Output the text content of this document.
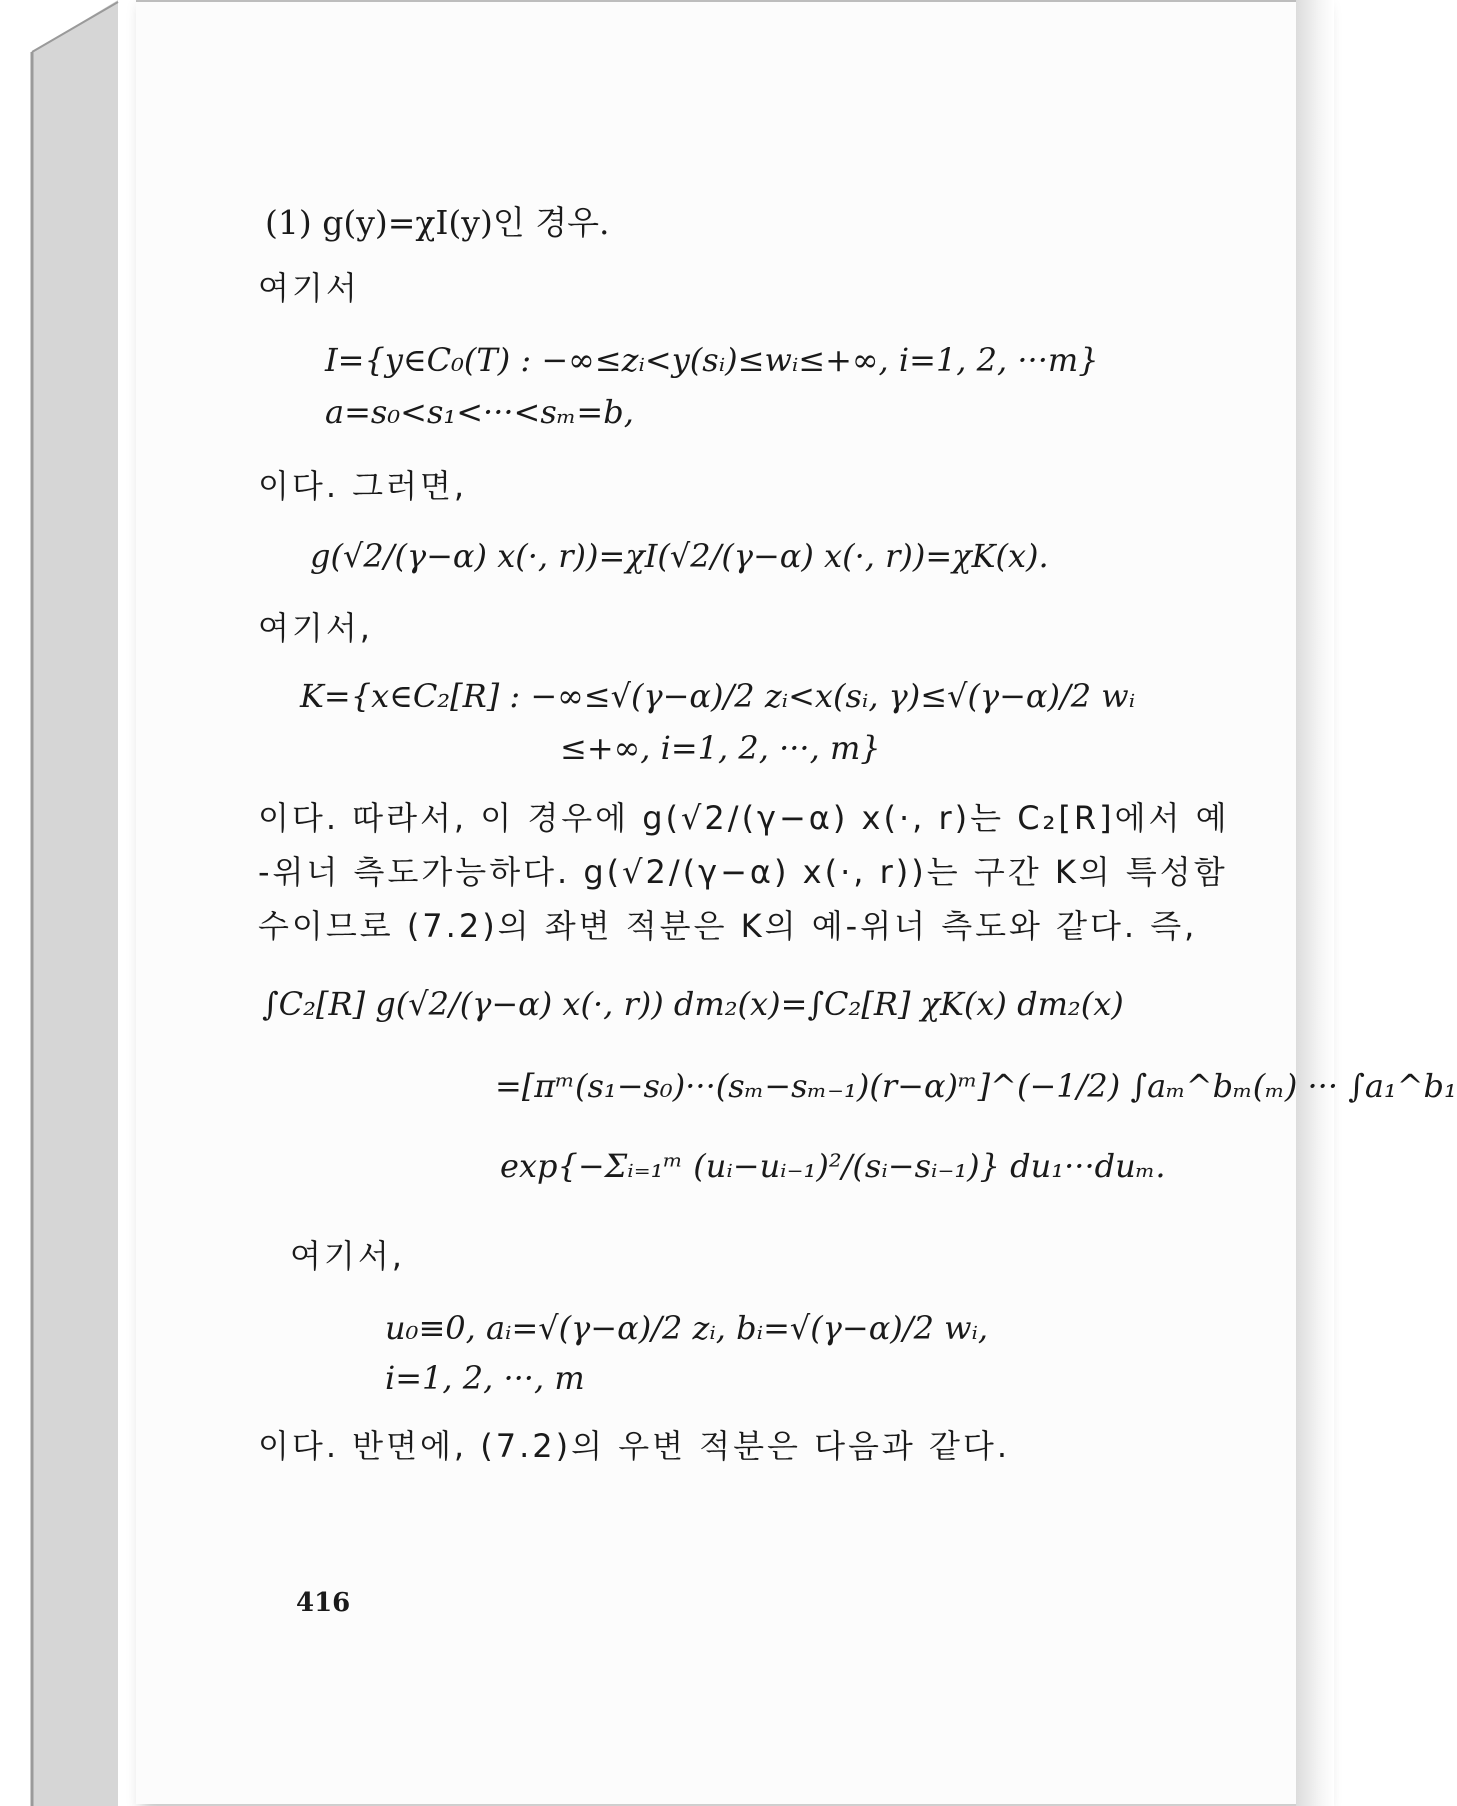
(1) g(y)=χI(y)인 경우.
여기서
I={y∈C₀(T) : −∞≤zᵢ<y(sᵢ)≤wᵢ≤+∞, i=1, 2, ···m}
a=s₀<s₁<···<sₘ=b,
이다. 그러면,
g(√2/(γ−α) x(·, r))=χI(√2/(γ−α) x(·, r))=χK(x).
여기서,
K={x∈C₂[R] : −∞≤√(γ−α)/2 zᵢ<x(sᵢ, γ)≤√(γ−α)/2 wᵢ
≤+∞, i=1, 2, ···, m}
이다. 따라서, 이 경우에 g(√2/(γ−α) x(·, r)는 C₂[R]에서 예
-위너 측도가능하다. g(√2/(γ−α) x(·, r))는 구간 K의 특성함
수이므로 (7.2)의 좌변 적분은 K의 예-위너 측도와 같다. 즉,
∫C₂[R] g(√2/(γ−α) x(·, r)) dm₂(x)=∫C₂[R] χK(x) dm₂(x)
=[πᵐ(s₁−s₀)···(sₘ−sₘ₋₁)(r−α)ᵐ]^(−1/2) ∫aₘ^bₘ(ₘ) ··· ∫a₁^b₁
exp{−Σᵢ₌₁ᵐ (uᵢ−uᵢ₋₁)²/(sᵢ−sᵢ₋₁)} du₁···duₘ.
여기서,
u₀≡0, aᵢ=√(γ−α)/2 zᵢ, bᵢ=√(γ−α)/2 wᵢ,
i=1, 2, ···, m
이다. 반면에, (7.2)의 우변 적분은 다음과 같다.
416
